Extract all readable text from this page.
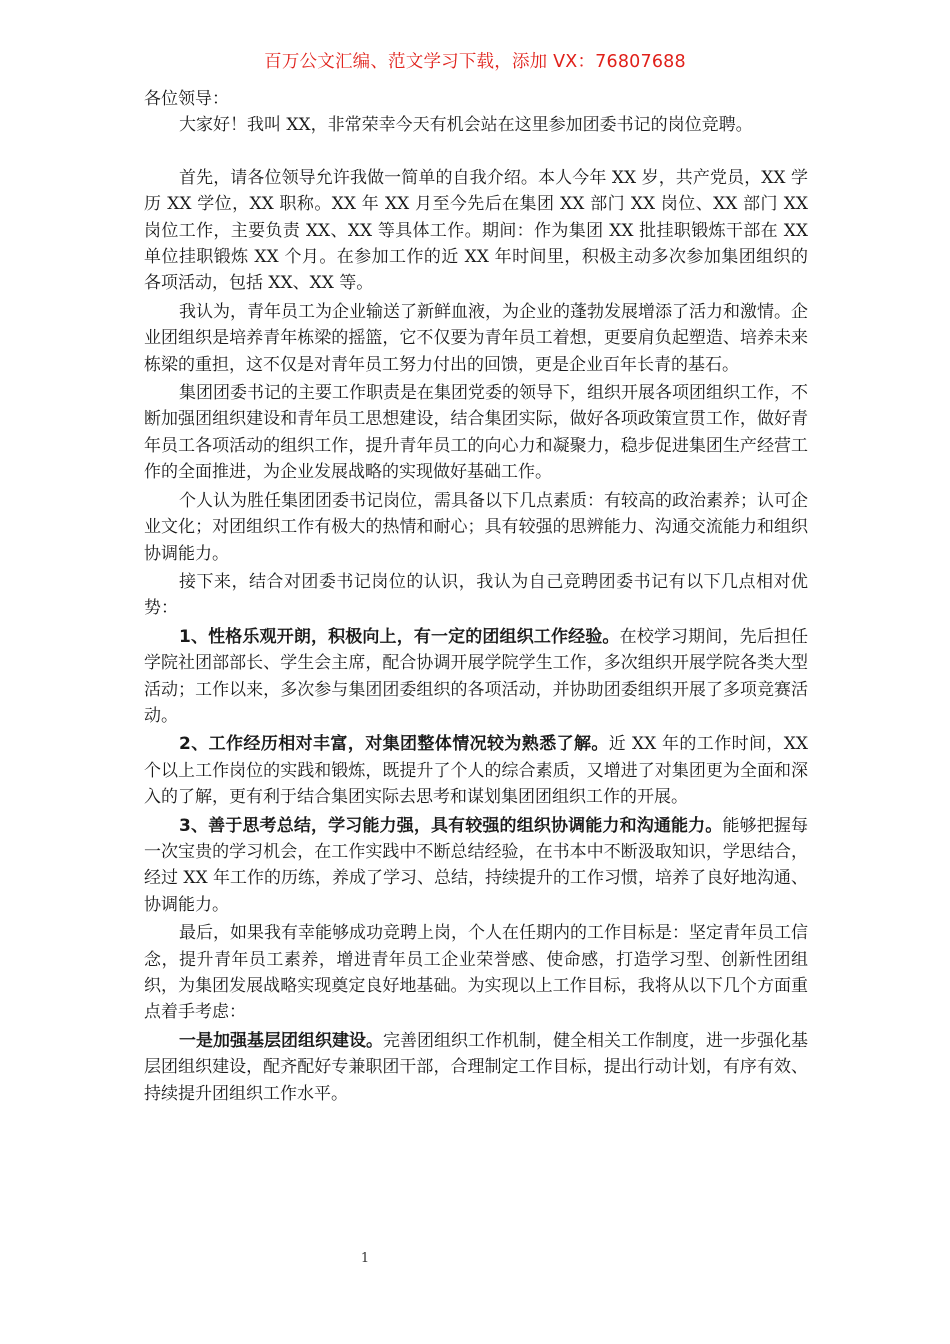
百万公文汇编、范文学习下载，添加 VX：76807688

各位领导：

大家好！我叫 XX，非常荣幸今天有机会站在这里参加团委书记的岗位竞聘。

首先，请各位领导允许我做一简单的自我介绍。本人今年 XX 岁，共产党员，XX 学历 XX 学位，XX 职称。XX 年 XX 月至今先后在集团 XX 部门 XX 岗位、XX 部门 XX 岗位工作，主要负责 XX、XX 等具体工作。期间：作为集团 XX 批挂职锻炼干部在 XX 单位挂职锻炼 XX 个月。在参加工作的近 XX 年时间里，积极主动多次参加集团组织的各项活动，包括 XX、XX 等。

我认为，青年员工为企业输送了新鲜血液，为企业的蓬勃发展增添了活力和激情。企业团组织是培养青年栋梁的摇篮，它不仅要为青年员工着想，更要肩负起塑造、培养未来栋梁的重担，这不仅是对青年员工努力付出的回馈，更是企业百年长青的基石。

集团团委书记的主要工作职责是在集团党委的领导下，组织开展各项团组织工作，不断加强团组织建设和青年员工思想建设，结合集团实际，做好各项政策宣贯工作，做好青年员工各项活动的组织工作，提升青年员工的向心力和凝聚力，稳步促进集团生产经营工作的全面推进，为企业发展战略的实现做好基础工作。

个人认为胜任集团团委书记岗位，需具备以下几点素质：有较高的政治素养；认可企业文化；对团组织工作有极大的热情和耐心；具有较强的思辨能力、沟通交流能力和组织协调能力。

接下来，结合对团委书记岗位的认识，我认为自己竞聘团委书记有以下几点相对优势：

1、性格乐观开朗，积极向上，有一定的团组织工作经验。在校学习期间，先后担任学院社团部部长、学生会主席，配合协调开展学院学生工作，多次组织开展学院各类大型活动；工作以来，多次参与集团团委组织的各项活动，并协助团委组织开展了多项竞赛活动。

2、工作经历相对丰富，对集团整体情况较为熟悉了解。近 XX 年的工作时间，XX 个以上工作岗位的实践和锻炼，既提升了个人的综合素质，又增进了对集团更为全面和深入的了解，更有利于结合集团实际去思考和谋划集团团组织工作的开展。

3、善于思考总结，学习能力强，具有较强的组织协调能力和沟通能力。能够把握每一次宝贵的学习机会，在工作实践中不断总结经验，在书本中不断汲取知识，学思结合，经过 XX 年工作的历练，养成了学习、总结，持续提升的工作习惯，培养了良好地沟通、协调能力。

最后，如果我有幸能够成功竞聘上岗，个人在任期内的工作目标是：坚定青年员工信念，提升青年员工素养，增进青年员工企业荣誉感、使命感，打造学习型、创新性团组织，为集团发展战略实现奠定良好地基础。为实现以上工作目标，我将从以下几个方面重点着手考虑：

一是加强基层团组织建设。完善团组织工作机制，健全相关工作制度，进一步强化基层团组织建设，配齐配好专兼职团干部，合理制定工作目标，提出行动计划，有序有效、持续提升团组织工作水平。

1
